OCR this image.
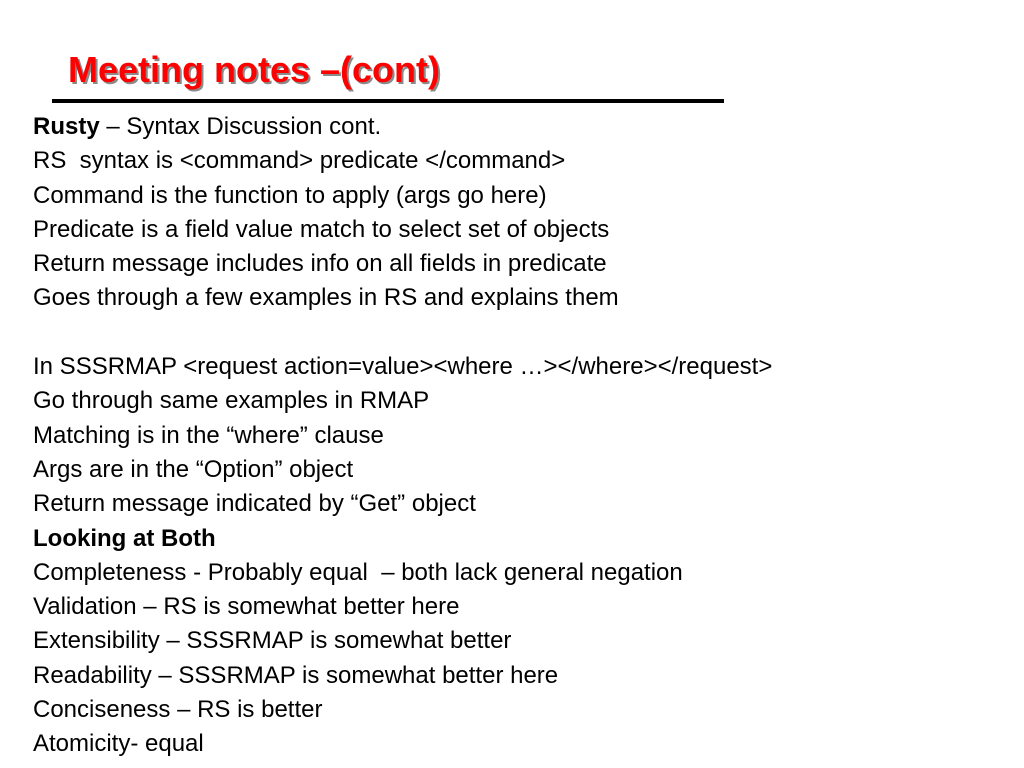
Meeting notes –(cont)

Rusty – Syntax Discussion cont.

RS  syntax is <command> predicate </command>

Command is the function to apply (args go here)

Predicate is a field value match to select set of objects

Return message includes info on all fields in predicate

Goes through a few examples in RS and explains them

In SSSRMAP <request action=value><where …></where></request>

Go through same examples in RMAP

Matching is in the “where” clause

Args are in the “Option” object

Return message indicated by “Get” object

Looking at Both

Completeness - Probably equal  – both lack general negation

Validation – RS is somewhat better here

Extensibility – SSSRMAP is somewhat better

Readability – SSSRMAP is somewhat better here

Conciseness – RS is better

Atomicity- equal
